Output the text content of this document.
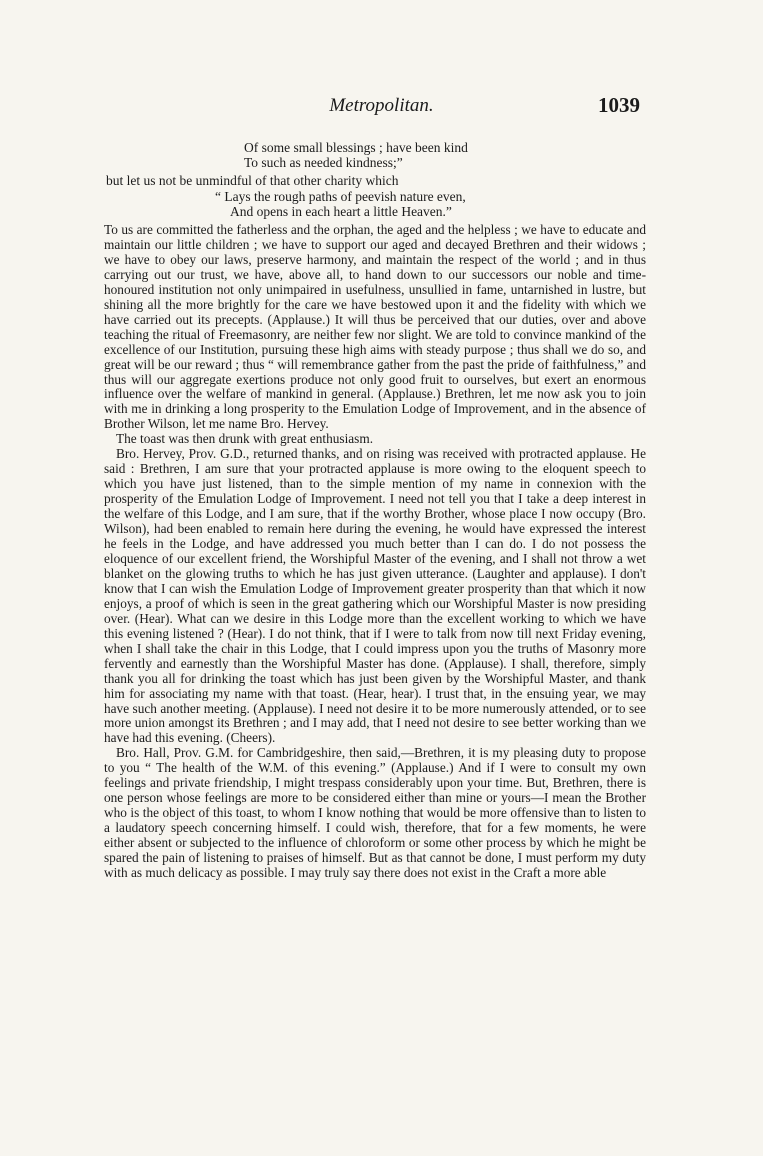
Metropolitan.	1039
Of some small blessings ; have been kind
To such as needed kindness;”
but let us not be unmindful of that other charity which
“ Lays the rough paths of peevish nature even,
And opens in each heart a little Heaven.”

To us are committed the fatherless and the orphan, the aged and the helpless ; we have to educate and maintain our little children ; we have to support our aged and decayed Brethren and their widows ; we have to obey our laws, preserve harmony, and maintain the respect of the world ; and in thus carrying out our trust, we have, above all, to hand down to our successors our noble and time-honoured institution not only unimpaired in usefulness, unsullied in fame, untarnished in lustre, but shining all the more brightly for the care we have bestowed upon it and the fidelity with which we have carried out its precepts. (Applause.) It will thus be perceived that our duties, over and above teaching the ritual of Freemasonry, are neither few nor slight. We are told to convince mankind of the excellence of our Institution, pursuing these high aims with steady purpose ; thus shall we do so, and great will be our reward ; thus “ will remembrance gather from the past the pride of faithfulness,” and thus will our aggregate exertions produce not only good fruit to ourselves, but exert an enormous influence over the welfare of mankind in general. (Applause.) Brethren, let me now ask you to join with me in drinking a long prosperity to the Emulation Lodge of Improvement, and in the absence of Brother Wilson, let me name Bro. Hervey.

The toast was then drunk with great enthusiasm.

Bro. Hervey, Prov. G.D., returned thanks, and on rising was received with protracted applause. He said : Brethren, I am sure that your protracted applause is more owing to the eloquent speech to which you have just listened, than to the simple mention of my name in connexion with the prosperity of the Emulation Lodge of Improvement. I need not tell you that I take a deep interest in the welfare of this Lodge, and I am sure, that if the worthy Brother, whose place I now occupy (Bro. Wilson), had been enabled to remain here during the evening, he would have expressed the interest he feels in the Lodge, and have addressed you much better than I can do. I do not possess the eloquence of our excellent friend, the Worshipful Master of the evening, and I shall not throw a wet blanket on the glowing truths to which he has just given utterance. (Laughter and applause). I don't know that I can wish the Emulation Lodge of Improvement greater prosperity than that which it now enjoys, a proof of which is seen in the great gathering which our Worshipful Master is now presiding over. (Hear). What can we desire in this Lodge more than the excellent working to which we have this evening listened ? (Hear). I do not think, that if I were to talk from now till next Friday evening, when I shall take the chair in this Lodge, that I could impress upon you the truths of Masonry more fervently and earnestly than the Worshipful Master has done. (Applause). I shall, therefore, simply thank you all for drinking the toast which has just been given by the Worshipful Master, and thank him for associating my name with that toast. (Hear, hear). I trust that, in the ensuing year, we may have such another meeting. (Applause). I need not desire it to be more numerously attended, or to see more union amongst its Brethren ; and I may add, that I need not desire to see better working than we have had this evening. (Cheers).

Bro. Hall, Prov. G.M. for Cambridgeshire, then said,—Brethren, it is my pleasing duty to propose to you “ The health of the W.M. of this evening.” (Applause.) And if I were to consult my own feelings and private friendship, I might trespass considerably upon your time. But, Brethren, there is one person whose feelings are more to be considered either than mine or yours—I mean the Brother who is the object of this toast, to whom I know nothing that would be more offensive than to listen to a laudatory speech concerning himself. I could wish, therefore, that for a few moments, he were either absent or subjected to the influence of chloroform or some other process by which he might be spared the pain of listening to praises of himself. But as that cannot be done, I must perform my duty with as much delicacy as possible. I may truly say there does not exist in the Craft a more able
